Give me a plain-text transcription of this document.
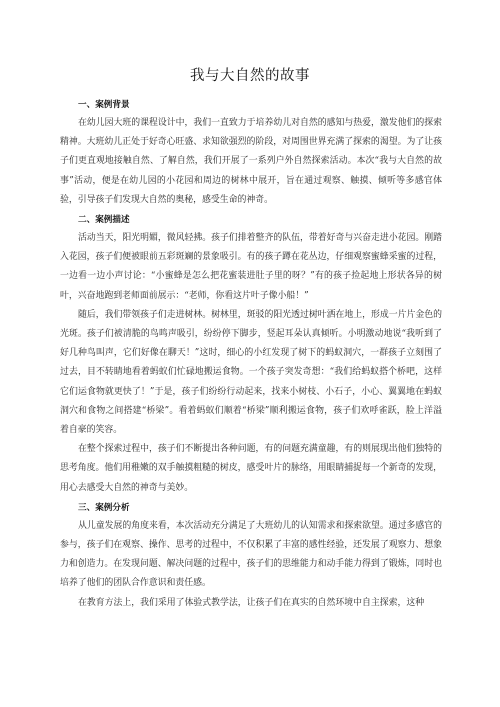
我与大自然的故事
一、案例背景

在幼儿园大班的课程设计中，我们一直致力于培养幼儿对自然的感知与热爱，激发他们的探索精神。大班幼儿正处于好奇心旺盛、求知欲强烈的阶段，对周围世界充满了探索的渴望。为了让孩子们更直观地接触自然、了解自然，我们开展了一系列户外自然探索活动。本次“我与大自然的故事”活动，便是在幼儿园的小花园和周边的树林中展开，旨在通过观察、触摸、倾听等多感官体验，引导孩子们发现大自然的奥秘，感受生命的神奇。

二、案例描述

活动当天，阳光明媚，微风轻拂。孩子们排着整齐的队伍，带着好奇与兴奋走进小花园。刚踏入花园，孩子们便被眼前五彩斑斓的景象吸引。有的孩子蹲在花丛边，仔细观察蜜蜂采蜜的过程，一边看一边小声讨论：“小蜜蜂是怎么把花蜜装进肚子里的呀？”有的孩子捡起地上形状各异的树叶，兴奋地跑到老师面前展示：“老师，你看这片叶子像小船！”

随后，我们带领孩子们走进树林。树林里，斑驳的阳光透过树叶洒在地上，形成一片片金色的光斑。孩子们被清脆的鸟鸣声吸引，纷纷停下脚步，竖起耳朵认真倾听。小明激动地说“我听到了好几种鸟叫声，它们好像在聊天！”这时，细心的小红发现了树下的蚂蚁洞穴，一群孩子立刻围了过去，目不转睛地看着蚂蚁们忙碌地搬运食物。一个孩子突发奇想：“我们给蚂蚁搭个桥吧，这样它们运食物就更快了！”于是，孩子们纷纷行动起来，找来小树枝、小石子，小心、翼翼地在蚂蚁洞穴和食物之间搭建“桥梁”。看着蚂蚁们顺着“桥梁”顺利搬运食物，孩子们欢呼雀跃，脸上洋溢着自豪的笑容。

在整个探索过程中，孩子们不断提出各种问题，有的问题充满童趣，有的则展现出他们独特的思考角度。他们用稚嫩的双手触摸粗糙的树皮，感受叶片的脉络，用眼睛捕捉每一个新奇的发现，用心去感受大自然的神奇与美妙。

三、案例分析

从儿童发展的角度来看，本次活动充分满足了大班幼儿的认知需求和探索欲望。通过多感官的参与，孩子们在观察、操作、思考的过程中，不仅积累了丰富的感性经验，还发展了观察力、想象力和创造力。在发现问题、解决问题的过程中，孩子们的思维能力和动手能力得到了锻炼，同时也培养了他们的团队合作意识和责任感。

在教育方法上，我们采用了体验式教学法，让孩子们在真实的自然环境中自主探索，这种
